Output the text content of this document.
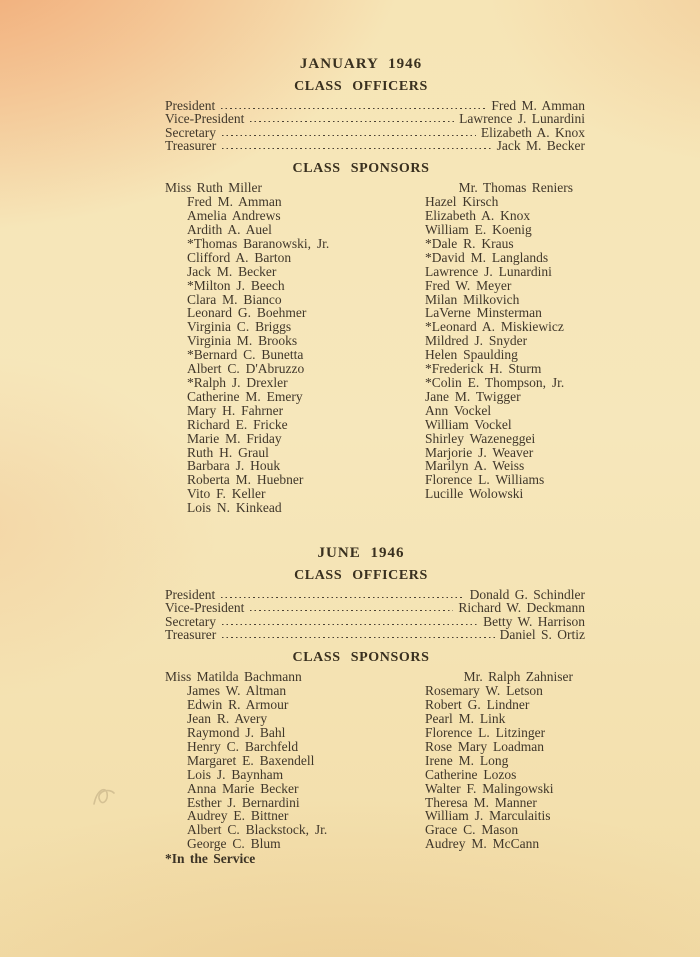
JANUARY 1946
CLASS OFFICERS
President	Fred M. Amman
Vice-President	Lawrence J. Lunardini
Secretary	Elizabeth A. Knox
Treasurer	Jack M. Becker
CLASS SPONSORS
Miss Ruth Miller	Mr. Thomas Reniers
Fred M. Amman
Amelia Andrews
Ardith A. Auel
*Thomas Baranowski, Jr.
Clifford A. Barton
Jack M. Becker
*Milton J. Beech
Clara M. Bianco
Leonard G. Boehmer
Virginia C. Briggs
Virginia M. Brooks
*Bernard C. Bunetta
Albert C. D'Abruzzo
*Ralph J. Drexler
Catherine M. Emery
Mary H. Fahrner
Richard E. Fricke
Marie M. Friday
Ruth H. Graul
Barbara J. Houk
Roberta M. Huebner
Vito F. Keller
Lois N. Kinkead
Hazel Kirsch
Elizabeth A. Knox
William E. Koenig
*Dale R. Kraus
*David M. Langlands
Lawrence J. Lunardini
Fred W. Meyer
Milan Milkovich
LaVerne Minsterman
*Leonard A. Miskiewicz
Mildred J. Snyder
Helen Spaulding
*Frederick H. Sturm
*Colin E. Thompson, Jr.
Jane M. Twigger
Ann Vockel
William Vockel
Shirley Wazeneggei
Marjorie J. Weaver
Marilyn A. Weiss
Florence L. Williams
Lucille Wolowski
JUNE 1946
CLASS OFFICERS
President	Donald G. Schindler
Vice-President	Richard W. Deckmann
Secretary	Betty W. Harrison
Treasurer	Daniel S. Ortiz
CLASS SPONSORS
Miss Matilda Bachmann	Mr. Ralph Zahniser
James W. Altman
Edwin R. Armour
Jean R. Avery
Raymond J. Bahl
Henry C. Barchfeld
Margaret E. Baxendell
Lois J. Baynham
Anna Marie Becker
Esther J. Bernardini
Audrey E. Bittner
Albert C. Blackstock, Jr.
George C. Blum
Rosemary W. Letson
Robert G. Lindner
Pearl M. Link
Florence L. Litzinger
Rose Mary Loadman
Irene M. Long
Catherine Lozos
Walter F. Malingowski
Theresa M. Manner
William J. Marculaitis
Grace C. Mason
Audrey M. McCann
*In the Service
